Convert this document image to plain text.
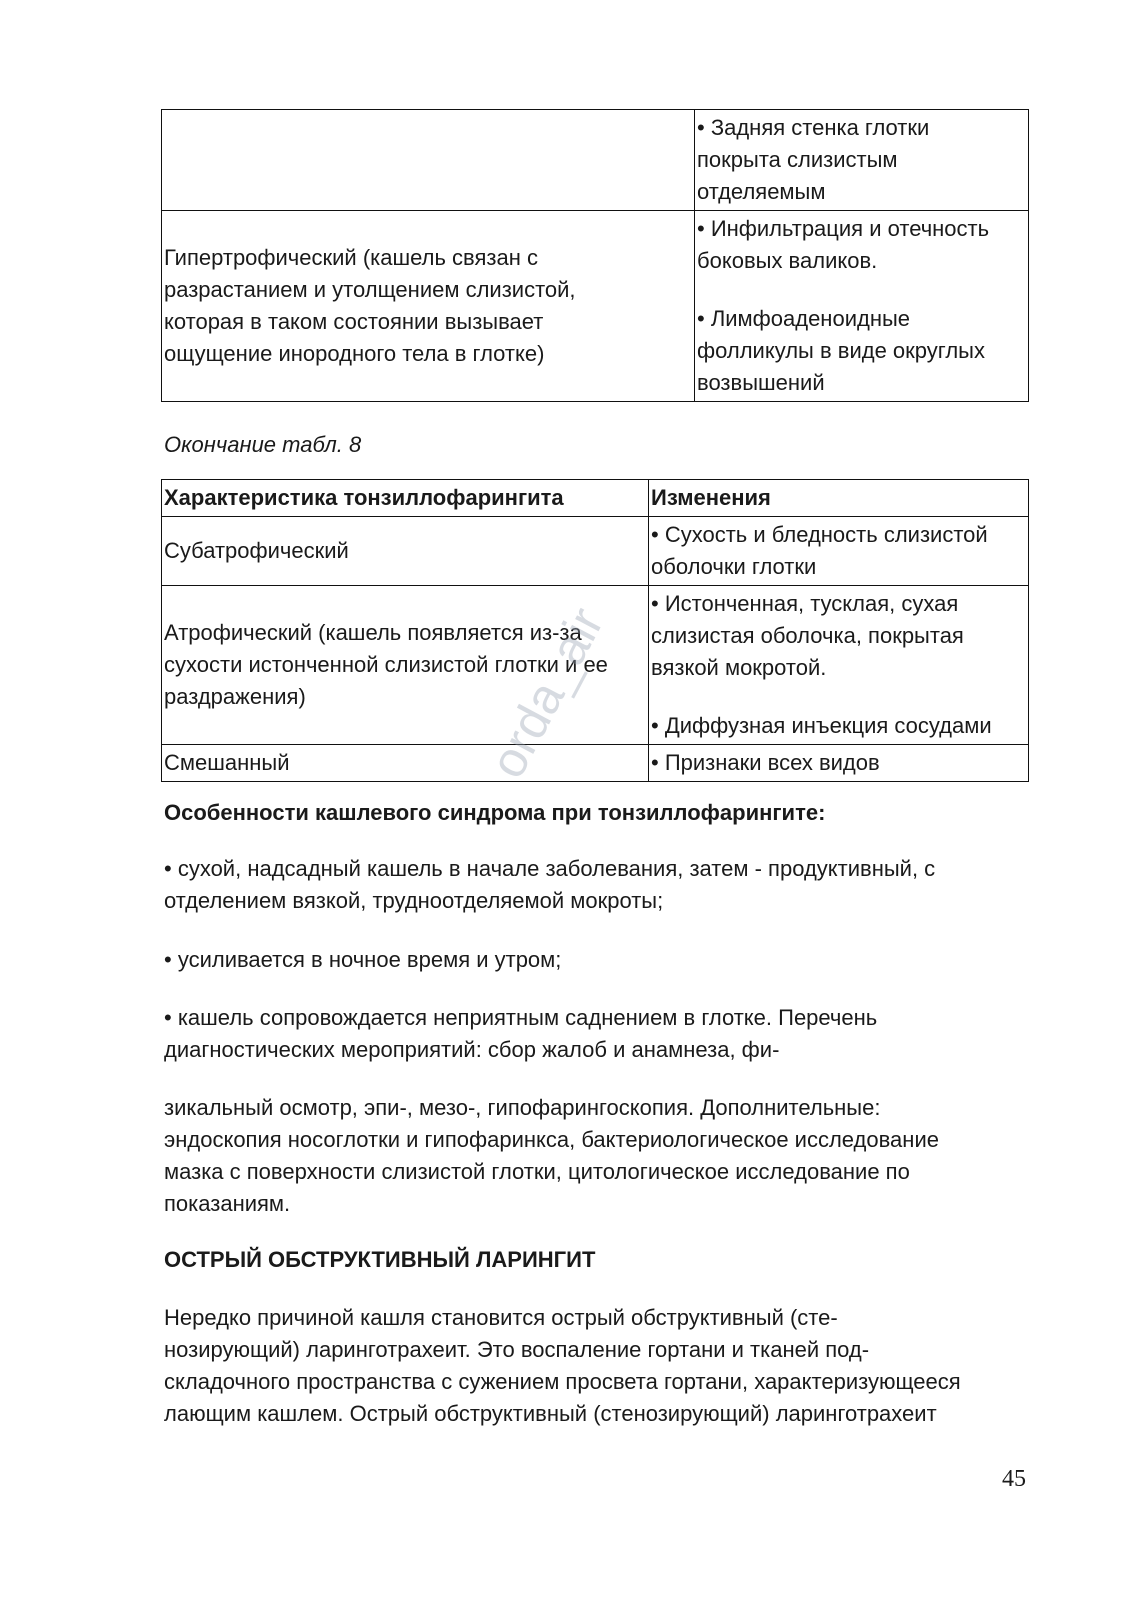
	• Задняя стенка глотки
покрыта слизистым
отделяемым

Гипертрофический (кашель связан с
разрастанием и утолщением слизистой,
которая в таком состоянии вызывает
ощущение инородного тела в глотке)	• Инфильтрация и отечность
боковых валиков.
• Лимфоаденоидные
фолликулы в виде округлых
возвышений
Окончание табл. 8
Характеристика тонзиллофарингита	Изменения

Субатрофический	• Сухость и бледность слизистой
оболочки глотки

Атрофический (кашель появляется из-за
сухости истонченной слизистой глотки и ее
раздражения)	• Истонченная, тусклая, сухая
слизистая оболочка, покрытая
вязкой мокротой.
• Диффузная инъекция сосудами

Смешанный	• Признаки всех видов
Особенности кашлевого синдрома при тонзиллофарингите:
• сухой, надсадный кашель в начале заболевания, затем - продуктивный, с
отделением вязкой, трудноотделяемой мокроты;
• усиливается в ночное время и утром;
• кашель сопровождается неприятным саднением в глотке. Перечень
диагностических мероприятий: сбор жалоб и анамнеза, фи-
зикальный осмотр, эпи-, мезо-, гипофарингоскопия. Дополнительные:
эндоскопия носоглотки и гипофаринкса, бактериологическое исследование
мазка с поверхности слизистой глотки, цитологическое исследование по
показаниям.
ОСТРЫЙ ОБСТРУКТИВНЫЙ ЛАРИНГИТ
Нередко причиной кашля становится острый обструктивный (сте-
нозирующий) ларинготрахеит. Это воспаление гортани и тканей под-
складочного пространства с сужением просвета гортани, характеризующееся
лающим кашлем. Острый обструктивный (стенозирующий) ларинготрахеит
45
orda_air
